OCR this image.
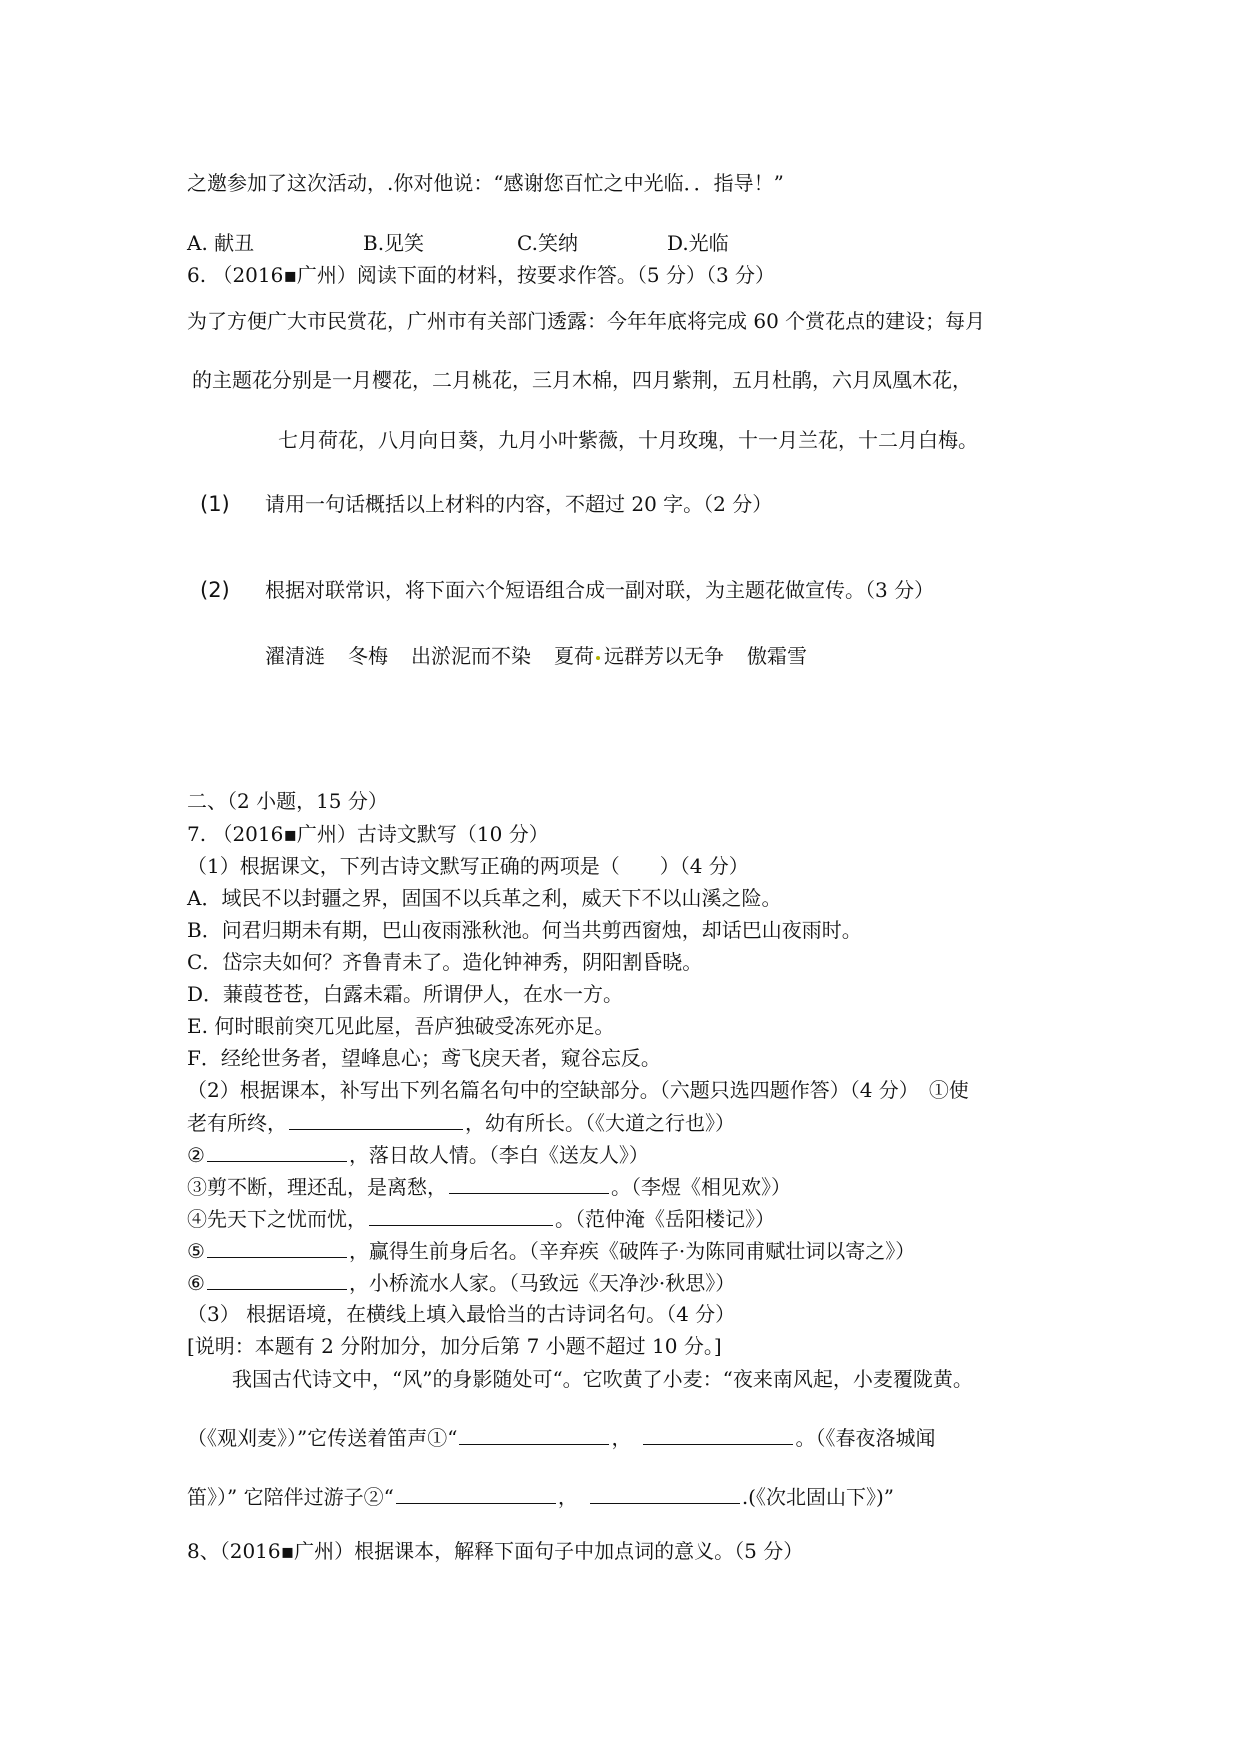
之邀参加了这次活动，.你对他说：“感谢您百忙之中光临．．指导！”
A. 献丑	B.见笑	C.笑纳	D.光临
6. （2016▪广州）阅读下面的材料，按要求作答。（5 分）（3 分）
为了方便广大市民赏花，广州市有关部门透露：今年年底将完成 60 个赏花点的建设；每月
的主题花分别是一月樱花，二月桃花，三月木棉，四月紫荆，五月杜鹃，六月凤凰木花，
七月荷花，八月向日葵，九月小叶紫薇，十月玫瑰，十一月兰花，十二月白梅。
(1) 请用一句话概括以上材料的内容，不超过 20 字。（2 分）
(2) 根据对联常识，将下面六个短语组合成一副对联，为主题花做宣传。（3 分）
濯清涟 冬梅 出淤泥而不染 夏荷 远群芳以无争 傲霜雪
二、（2 小题，15 分）
7. （2016▪广州）古诗文默写（10 分）
（1）根据课文，下列古诗文默写正确的两项是（　　）（4 分）
A．域民不以封疆之界，固国不以兵革之利，威天下不以山溪之险。
B．问君归期未有期，巴山夜雨涨秋池。何当共剪西窗烛，却话巴山夜雨时。
C．岱宗夫如何？齐鲁青未了。造化钟神秀，阴阳割昏晓。
D．蒹葭苍苍，白露未霜。所谓伊人，在水一方。
E. 何时眼前突兀见此屋，吾庐独破受冻死亦足。
F．经纶世务者，望峰息心；鸢飞戾天者，窥谷忘反。
（2）根据课本，补写出下列名篇名句中的空缺部分。（六题只选四题作答）（4 分） ①使
老有所终，	，幼有所长。（《大道之行也》）
②	，落日故人情。（李白《送友人》）
③剪不断，理还乱，是离愁，	。（李煜《相见欢》）
④先天下之忧而忧，	。（范仲淹《岳阳楼记》）
⑤	，赢得生前身后名。（辛弃疾《破阵子·为陈同甫赋壮词以寄之》）
⑥	，小桥流水人家。（马致远《天净沙·秋思》）
（3） 根据语境，在横线上填入最恰当的古诗词名句。（4 分）
[说明：本题有 2 分附加分，加分后第 7 小题不超过 10 分。]
我国古代诗文中，“风”的身影随处可“。它吹黄了小麦：“夜来南风起，小麦覆陇黄。
（《观刈麦》）”它传送着笛声①“	，	。（《春夜洛城闻
笛》）” 它陪伴过游子②“	，	.(《次北固山下》)”
8、（2016▪广州）根据课本，解释下面句子中加点词的意义。（5 分）
